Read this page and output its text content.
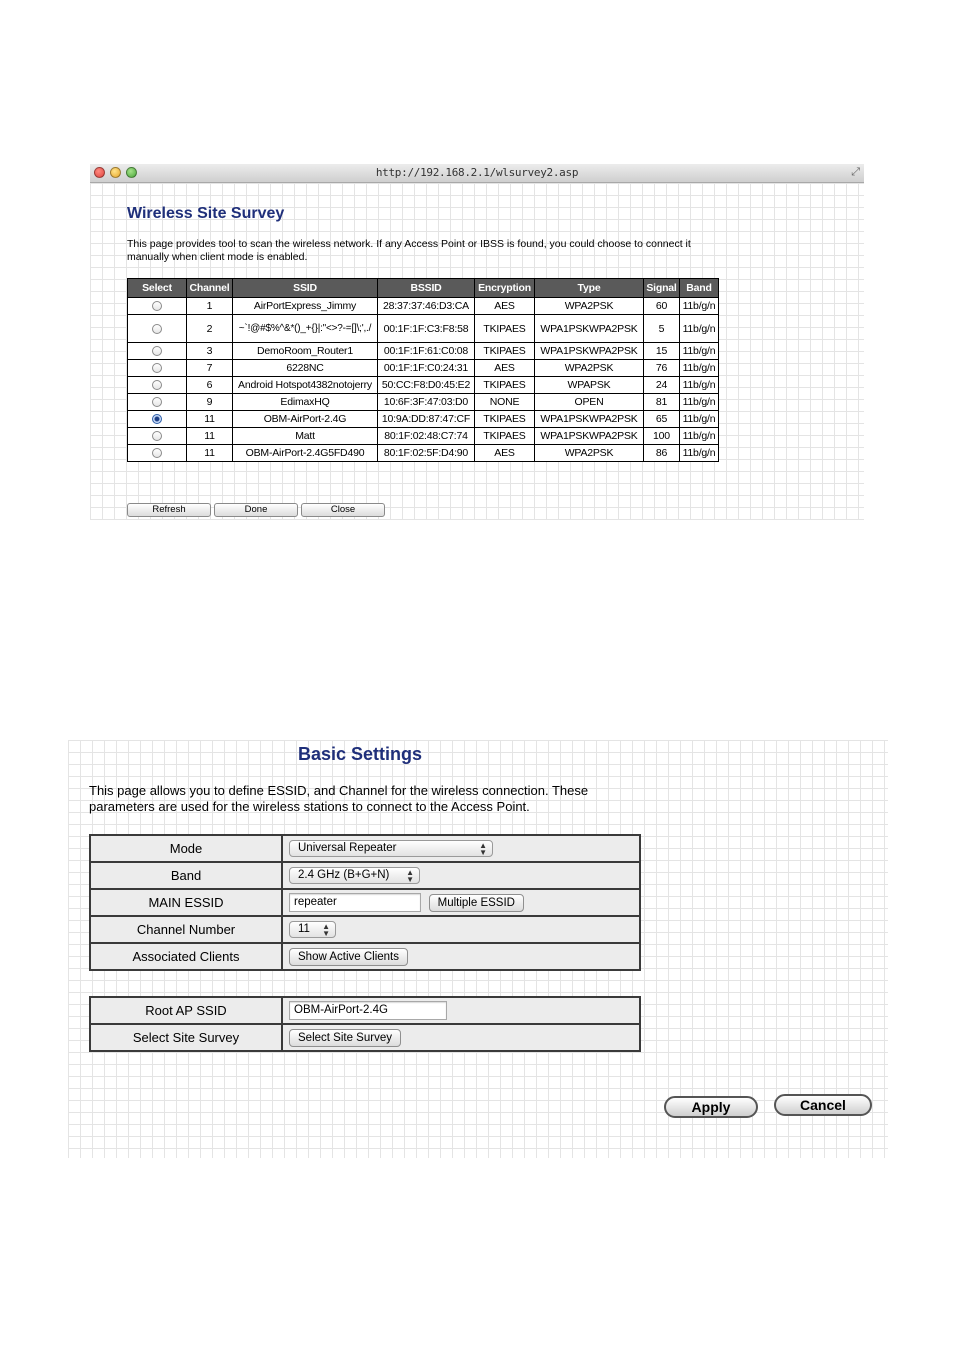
http://192.168.2.1/wlsurvey2.asp	⤢
Wireless Site Survey
This page provides tool to scan the wireless network. If any Access Point or IBSS is found, you could choose to connect it manually when client mode is enabled.
Select	Channel	SSID	BSSID	Encryption	Type	Signal	Band
	1	AirPortExpress_Jimmy	28:37:37:46:D3:CA	AES	WPA2PSK	60	11b/g/n
	2	~`!@#$%^&*()_+{}|:"<>?-=[]\;',./	00:1F:1F:C3:F8:58	TKIPAES	WPA1PSKWPA2PSK	5	11b/g/n
	3	DemoRoom_Router1	00:1F:1F:61:C0:08	TKIPAES	WPA1PSKWPA2PSK	15	11b/g/n
	7	6228NC	00:1F:1F:C0:24:31	AES	WPA2PSK	76	11b/g/n
	6	Android Hotspot4382notojerry	50:CC:F8:D0:45:E2	TKIPAES	WPAPSK	24	11b/g/n
	9	EdimaxHQ	10:6F:3F:47:03:D0	NONE	OPEN	81	11b/g/n
	11	OBM-AirPort-2.4G	10:9A:DD:87:47:CF	TKIPAES	WPA1PSKWPA2PSK	65	11b/g/n
	11	Matt	80:1F:02:48:C7:74	TKIPAES	WPA1PSKWPA2PSK	100	11b/g/n
	11	OBM-AirPort-2.4G5FD490	80:1F:02:5F:D4:90	AES	WPA2PSK	86	11b/g/n
Refresh	Done	Close
Basic Settings
This page allows you to define ESSID, and Channel for the wireless connection. These parameters are used for the wireless stations to connect to the Access Point.
Mode	Universal Repeater ▲
▼

Band	2.4 GHz (B+G+N) ▲
▼

MAIN ESSID	repeater Multiple ESSID
Channel Number	11 ▲
▼

Associated Clients	Show Active Clients
Root AP SSID	OBM-AirPort-2.4G
Select Site Survey	Select Site Survey
Apply	Cancel
